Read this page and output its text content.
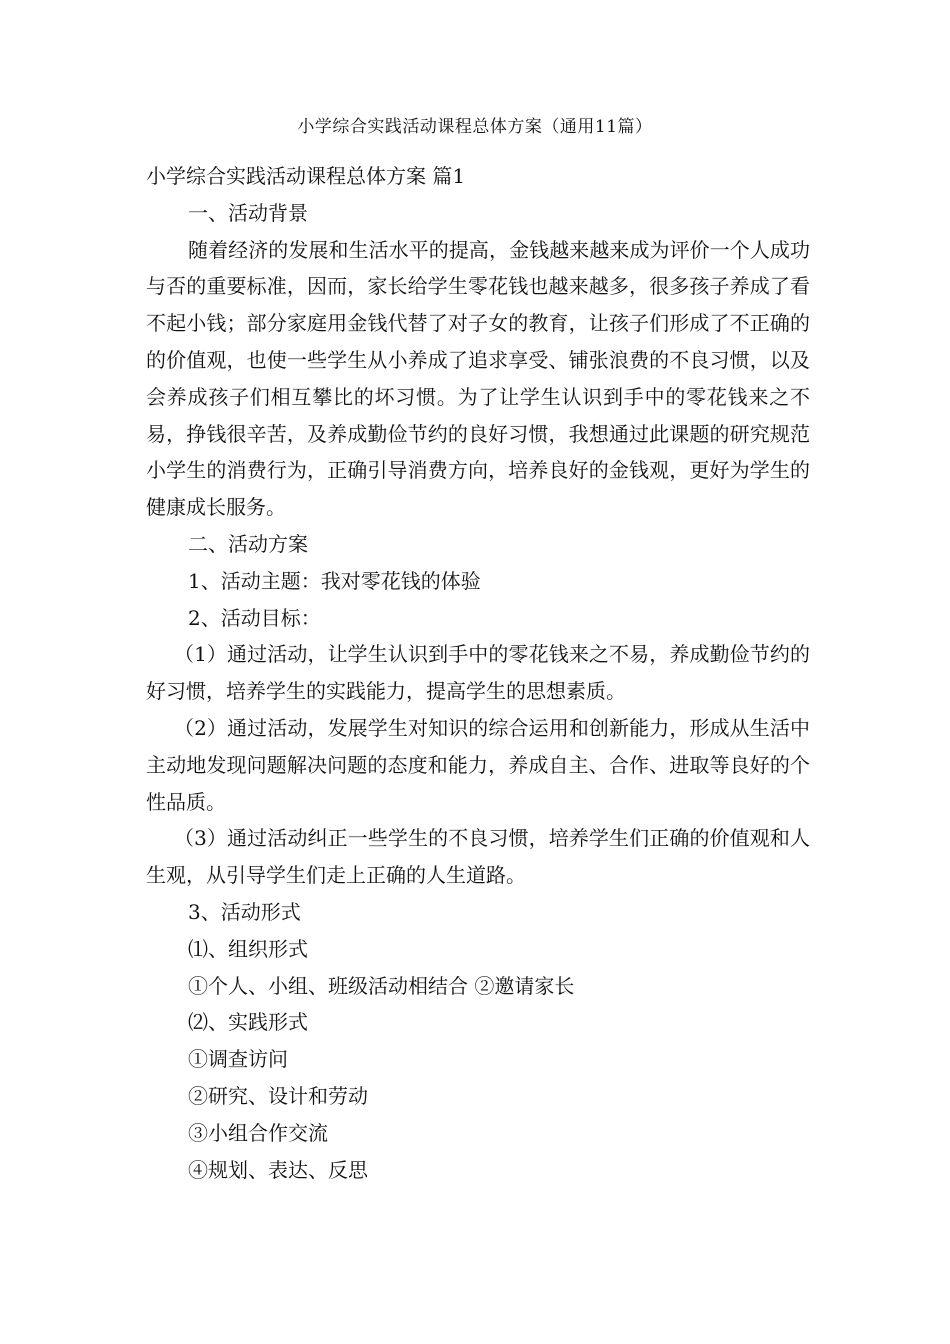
小学综合实践活动课程总体方案（通用11篇）

小学综合实践活动课程总体方案 篇1

一、活动背景

随着经济的发展和生活水平的提高，金钱越来越来成为评价一个人成功与否的重要标准，因而，家长给学生零花钱也越来越多，很多孩子养成了看不起小钱；部分家庭用金钱代替了对子女的教育，让孩子们形成了不正确的的价值观，也使一些学生从小养成了追求享受、铺张浪费的不良习惯，以及会养成孩子们相互攀比的坏习惯。为了让学生认识到手中的零花钱来之不易，挣钱很辛苦，及养成勤俭节约的良好习惯，我想通过此课题的研究规范小学生的消费行为，正确引导消费方向，培养良好的金钱观，更好为学生的健康成长服务。

二、活动方案

1、活动主题：我对零花钱的体验

2、活动目标：

（1）通过活动，让学生认识到手中的零花钱来之不易，养成勤俭节约的好习惯，培养学生的实践能力，提高学生的思想素质。

（2）通过活动，发展学生对知识的综合运用和创新能力，形成从生活中主动地发现问题解决问题的态度和能力，养成自主、合作、进取等良好的个性品质。

（3）通过活动纠正一些学生的不良习惯，培养学生们正确的价值观和人生观，从引导学生们走上正确的人生道路。

3、活动形式

⑴、组织形式

①个人、小组、班级活动相结合 ②邀请家长

⑵、实践形式

①调查访问

②研究、设计和劳动

③小组合作交流

④规划、表达、反思
